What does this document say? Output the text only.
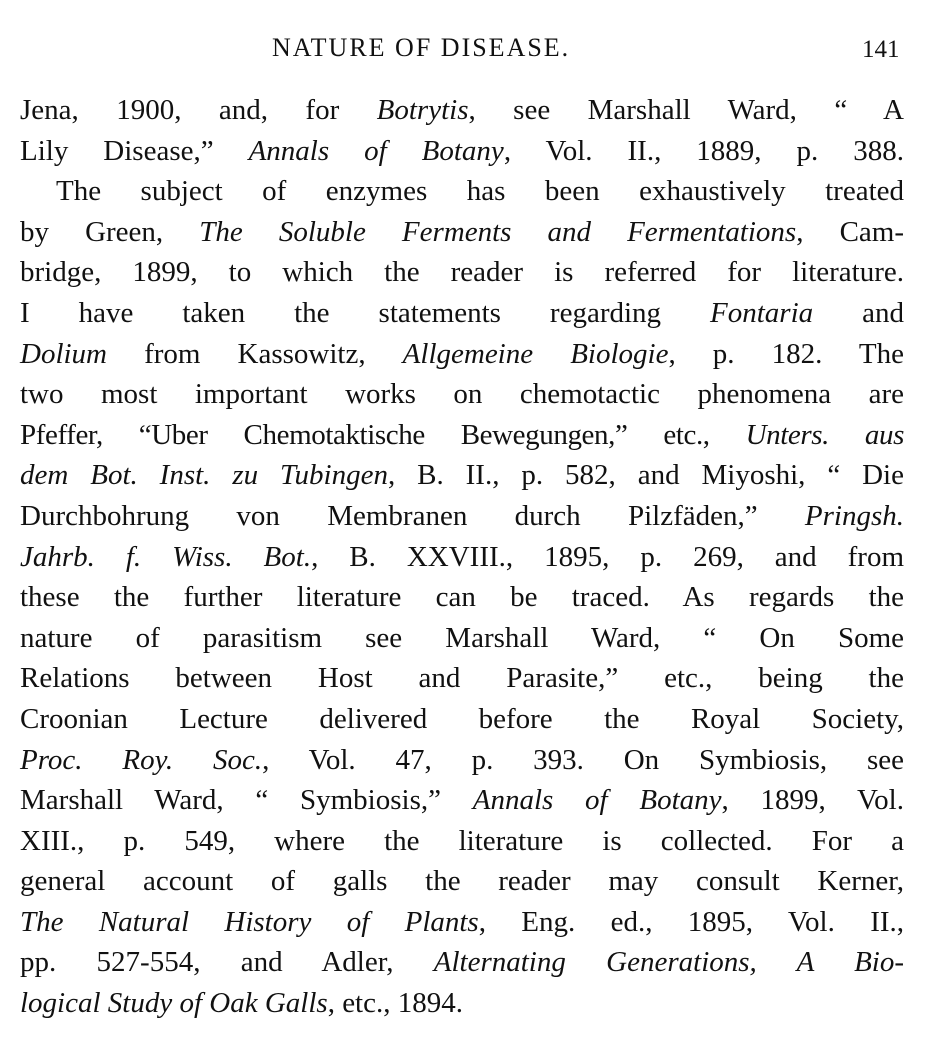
NATURE OF DISEASE.	141
Jena, 1900, and, for Botrytis, see Marshall Ward, “ A
Lily Disease,” Annals of Botany, Vol. II., 1889, p. 388.
The subject of enzymes has been exhaustively treated
by Green, The Soluble Ferments and Fermentations, Cam-
bridge, 1899, to which the reader is referred for literature.
I have taken the statements regarding Fontaria and
Dolium from Kassowitz, Allgemeine Biologie, p. 182. The
two most important works on chemotactic phenomena are
Pfeffer, “Uber Chemotaktische Bewegungen,” etc., Unters. aus
dem Bot. Inst. zu Tubingen, B. II., p. 582, and Miyoshi, “ Die
Durchbohrung von Membranen durch Pilzfäden,” Pringsh.
Jahrb. f. Wiss. Bot., B. XXVIII., 1895, p. 269, and from
these the further literature can be traced. As regards the
nature of parasitism see Marshall Ward, “ On Some
Relations between Host and Parasite,” etc., being the
Croonian Lecture delivered before the Royal Society,
Proc. Roy. Soc., Vol. 47, p. 393. On Symbiosis, see
Marshall Ward, “ Symbiosis,” Annals of Botany, 1899, Vol.
XIII., p. 549, where the literature is collected. For a
general account of galls the reader may consult Kerner,
The Natural History of Plants, Eng. ed., 1895, Vol. II.,
pp. 527-554, and Adler, Alternating Generations, A Bio-
logical Study of Oak Galls, etc., 1894.
